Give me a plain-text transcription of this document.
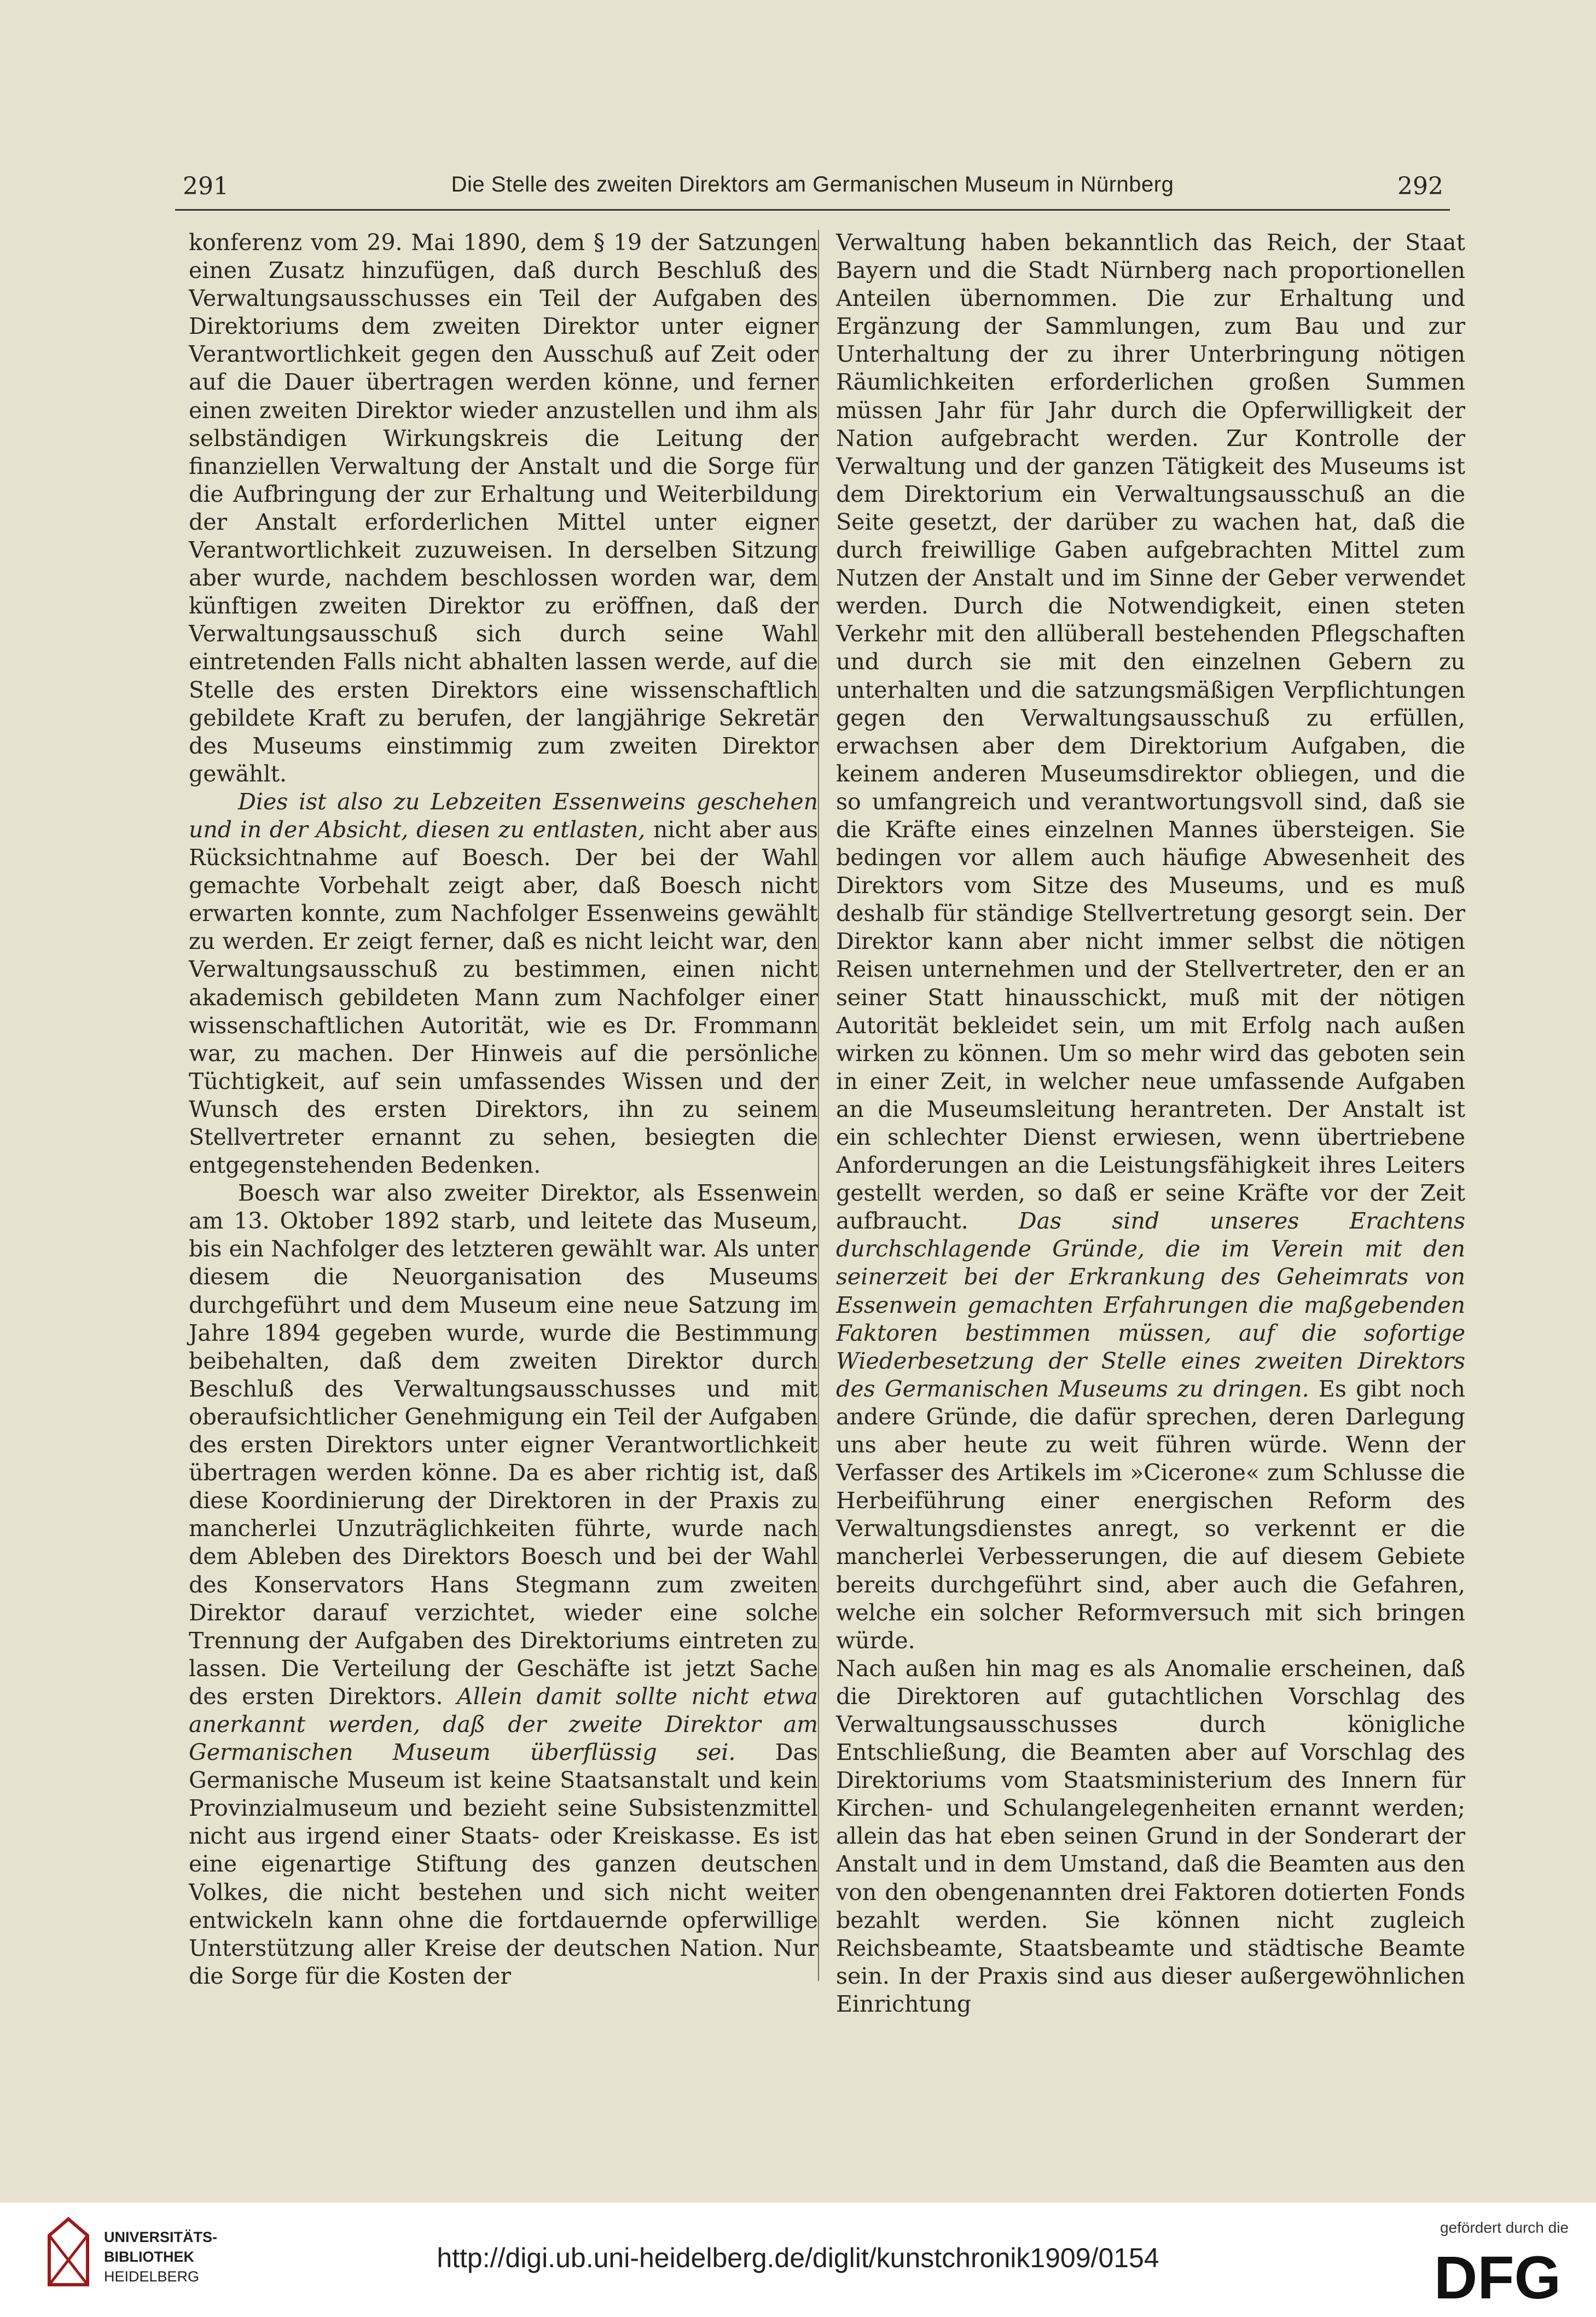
291	Die Stelle des zweiten Direktors am Germanischen Museum in Nürnberg	292

konferenz vom 29. Mai 1890, dem § 19 der Satzungen einen Zusatz hinzufügen, daß durch Beschluß des Verwaltungsausschusses ein Teil der Aufgaben des Direktoriums dem zweiten Direktor unter eigner Verantwortlichkeit gegen den Ausschuß auf Zeit oder auf die Dauer übertragen werden könne, und ferner einen zweiten Direktor wieder anzustellen und ihm als selbständigen Wirkungskreis die Leitung der finanziellen Verwaltung der Anstalt und die Sorge für die Aufbringung der zur Erhaltung und Weiterbildung der Anstalt erforderlichen Mittel unter eigner Verantwortlichkeit zuzuweisen. In derselben Sitzung aber wurde, nachdem beschlossen worden war, dem künftigen zweiten Direktor zu eröffnen, daß der Verwaltungsausschuß sich durch seine Wahl eintretenden Falls nicht abhalten lassen werde, auf die Stelle des ersten Direktors eine wissenschaftlich gebildete Kraft zu berufen, der langjährige Sekretär des Museums einstimmig zum zweiten Direktor gewählt.

Dies ist also zu Lebzeiten Essenweins geschehen und in der Absicht, diesen zu entlasten, nicht aber aus Rücksichtnahme auf Boesch. Der bei der Wahl gemachte Vorbehalt zeigt aber, daß Boesch nicht erwarten konnte, zum Nachfolger Essenweins gewählt zu werden. Er zeigt ferner, daß es nicht leicht war, den Verwaltungsausschuß zu bestimmen, einen nicht akademisch gebildeten Mann zum Nachfolger einer wissenschaftlichen Autorität, wie es Dr. Frommann war, zu machen. Der Hinweis auf die persönliche Tüchtigkeit, auf sein umfassendes Wissen und der Wunsch des ersten Direktors, ihn zu seinem Stellvertreter ernannt zu sehen, besiegten die entgegenstehenden Bedenken.

Boesch war also zweiter Direktor, als Essenwein am 13. Oktober 1892 starb, und leitete das Museum, bis ein Nachfolger des letzteren gewählt war. Als unter diesem die Neuorganisation des Museums durchgeführt und dem Museum eine neue Satzung im Jahre 1894 gegeben wurde, wurde die Bestimmung beibehalten, daß dem zweiten Direktor durch Beschluß des Verwaltungsausschusses und mit oberaufsichtlicher Genehmigung ein Teil der Aufgaben des ersten Direktors unter eigner Verantwortlichkeit übertragen werden könne. Da es aber richtig ist, daß diese Koordinierung der Direktoren in der Praxis zu mancherlei Unzuträglichkeiten führte, wurde nach dem Ableben des Direktors Boesch und bei der Wahl des Konservators Hans Stegmann zum zweiten Direktor darauf verzichtet, wieder eine solche Trennung der Aufgaben des Direktoriums eintreten zu lassen. Die Verteilung der Geschäfte ist jetzt Sache des ersten Direktors. Allein damit sollte nicht etwa anerkannt werden, daß der zweite Direktor am Germanischen Museum überflüssig sei. Das Germanische Museum ist keine Staatsanstalt und kein Provinzialmuseum und bezieht seine Subsistenzmittel nicht aus irgend einer Staats- oder Kreiskasse. Es ist eine eigenartige Stiftung des ganzen deutschen Volkes, die nicht bestehen und sich nicht weiter entwickeln kann ohne die fortdauernde opferwillige Unterstützung aller Kreise der deutschen Nation. Nur die Sorge für die Kosten der

Verwaltung haben bekanntlich das Reich, der Staat Bayern und die Stadt Nürnberg nach proportionellen Anteilen übernommen. Die zur Erhaltung und Ergänzung der Sammlungen, zum Bau und zur Unterhaltung der zu ihrer Unterbringung nötigen Räumlichkeiten erforderlichen großen Summen müssen Jahr für Jahr durch die Opferwilligkeit der Nation aufgebracht werden. Zur Kontrolle der Verwaltung und der ganzen Tätigkeit des Museums ist dem Direktorium ein Verwaltungsausschuß an die Seite gesetzt, der darüber zu wachen hat, daß die durch freiwillige Gaben aufgebrachten Mittel zum Nutzen der Anstalt und im Sinne der Geber verwendet werden. Durch die Notwendigkeit, einen steten Verkehr mit den allüberall bestehenden Pflegschaften und durch sie mit den einzelnen Gebern zu unterhalten und die satzungsmäßigen Verpflichtungen gegen den Verwaltungsausschuß zu erfüllen, erwachsen aber dem Direktorium Aufgaben, die keinem anderen Museumsdirektor obliegen, und die so umfangreich und verantwortungsvoll sind, daß sie die Kräfte eines einzelnen Mannes übersteigen. Sie bedingen vor allem auch häufige Abwesenheit des Direktors vom Sitze des Museums, und es muß deshalb für ständige Stellvertretung gesorgt sein. Der Direktor kann aber nicht immer selbst die nötigen Reisen unternehmen und der Stellvertreter, den er an seiner Statt hinausschickt, muß mit der nötigen Autorität bekleidet sein, um mit Erfolg nach außen wirken zu können. Um so mehr wird das geboten sein in einer Zeit, in welcher neue umfassende Aufgaben an die Museumsleitung herantreten. Der Anstalt ist ein schlechter Dienst erwiesen, wenn übertriebene Anforderungen an die Leistungsfähigkeit ihres Leiters gestellt werden, so daß er seine Kräfte vor der Zeit aufbraucht. Das sind unseres Erachtens durchschlagende Gründe, die im Verein mit den seinerzeit bei der Erkrankung des Geheimrats von Essenwein gemachten Erfahrungen die maßgebenden Faktoren bestimmen müssen, auf die sofortige Wiederbesetzung der Stelle eines zweiten Direktors des Germanischen Museums zu dringen. Es gibt noch andere Gründe, die dafür sprechen, deren Darlegung uns aber heute zu weit führen würde. Wenn der Verfasser des Artikels im »Cicerone« zum Schlusse die Herbeiführung einer energischen Reform des Verwaltungsdienstes anregt, so verkennt er die mancherlei Verbesserungen, die auf diesem Gebiete bereits durchgeführt sind, aber auch die Gefahren, welche ein solcher Reformversuch mit sich bringen würde.

Nach außen hin mag es als Anomalie erscheinen, daß die Direktoren auf gutachtlichen Vorschlag des Verwaltungsausschusses durch königliche Entschließung, die Beamten aber auf Vorschlag des Direktoriums vom Staatsministerium des Innern für Kirchen- und Schulangelegenheiten ernannt werden; allein das hat eben seinen Grund in der Sonderart der Anstalt und in dem Umstand, daß die Beamten aus den von den obengenannten drei Faktoren dotierten Fonds bezahlt werden. Sie können nicht zugleich Reichsbeamte, Staatsbeamte und städtische Beamte sein. In der Praxis sind aus dieser außergewöhnlichen Einrichtung

UNIVERSITÄTS-
BIBLIOTHEK
HEIDELBERG
http://digi.ub.uni-heidelberg.de/diglit/kunstchronik1909/0154
gefördert durch die
DFG
